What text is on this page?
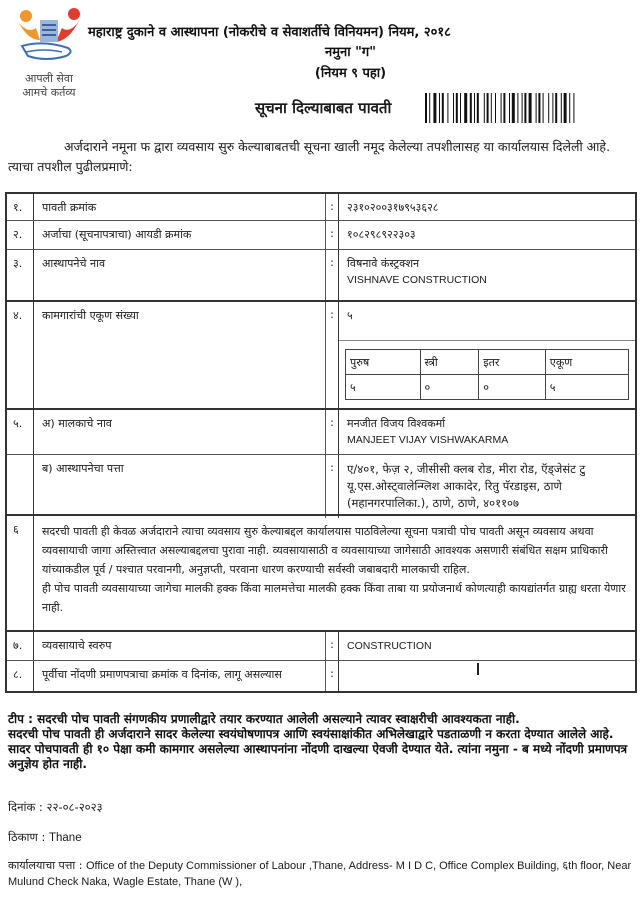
आपली सेवा
आमचे कर्तव्य
महाराष्ट्र दुकाने व आस्थापना (नोकरीचे व सेवाशर्तीचे विनियमन) नियम, २०१८
नमुना "ग"
(नियम ९ पहा)
सूचना दिल्याबाबत पावती
अर्जदाराने नमूना फ द्वारा व्यवसाय सुरु केल्याबाबतची सूचना खाली नमूद केलेल्या तपशीलासह या कार्यालयास दिलेली आहे. त्याचा तपशील पुढीलप्रमाणे:
१.	पावती क्रमांक	:	२३१०२००३१७९५३६२८
२.	अर्जाचा (सूचनापत्राचा) आयडी क्रमांक	:	१०८२९८९२२३०३
३.	आस्थापनेचे नाव	:	विषनावे कंस्ट्रक्शन
VISHNAVE CONSTRUCTION
४.	कामगारांची एकूण संख्या	:	५
पुरुष	स्त्री	इतर	एकूण
५	०	०	५
५.	अ) मालकाचे नाव	:	मनजीत विजय विश्वकर्मा
MANJEET VIJAY VISHWAKARMA
ब) आस्थापनेचा पत्ता	:	ए/४०१, फेज़ २, जीसीसी क्लब रोड, मीरा रोड, ऍड्जेसंट टु यू.एस.ओस्ट्वालेन्ग्लिश आकादेर, रितु पॅरडाइस, ठाणे (महानगरपालिका.), ठाणे, ठाणे, ४०११०७
६	सदरची पावती ही केवळ अर्जदाराने त्याचा व्यवसाय सुरु केल्याबद्दल कार्यालयास पाठविलेल्या सूचना पत्राची पोच पावती असून व्यवसाय अथवा व्यवसायाची जागा अस्तित्त्वात असल्याबद्दलचा पुरावा नाही. व्यवसायासाठी व व्यवसायाच्या जागेसाठी आवश्यक असणारी संबंधित सक्षम प्राधिकारी यांच्याकडील पूर्व / पश्चात परवानगी, अनुज्ञप्ती, परवाना धारण करण्याची सर्वस्वी जबाबदारी मालकाची राहिल.
ही पोच पावती व्यवसायाच्या जागेचा मालकी हक्क किंवा मालमत्तेचा मालकी हक्क किंवा ताबा या प्रयोजनार्थ कोणत्याही कायद्यांतर्गत ग्राह्य धरता येणार नाही.
७.	व्यवसायाचे स्वरुप	:	CONSTRUCTION
८.	पूर्वीचा नोंदणी प्रमाणपत्राचा क्रमांक व दिनांक, लागू असल्यास	:
टीप : सदरची पोच पावती संगणकीय प्रणालीद्वारे तयार करण्यात आलेली असल्याने त्यावर स्वाक्षरीची आवश्यकता नाही.
सदरची पोच पावती ही अर्जदाराने सादर केलेल्या स्वयंघोषणापत्र आणि स्वयंसाक्षांकीत अभिलेखाद्वारे पडताळणी न करता देण्यात आलेले आहे.
सादर पोचपावती ही १० पेक्षा कमी कामगार असलेल्या आस्थापनांना नोंदणी दाखल्या ऐवजी देण्यात येते. त्यांना नमुना - ब मध्ये नोंदणी प्रमाणपत्र अनुज्ञेय होत नाही.
दिनांक : २२-०८-२०२३
ठिकाण : Thane
कार्यालयाचा पत्ता : Office of the Deputy Commissioner of Labour ,Thane, Address- M I D C, Office Complex Building, ६th floor, Near Mulund Check Naka, Wagle Estate, Thane (W ),
